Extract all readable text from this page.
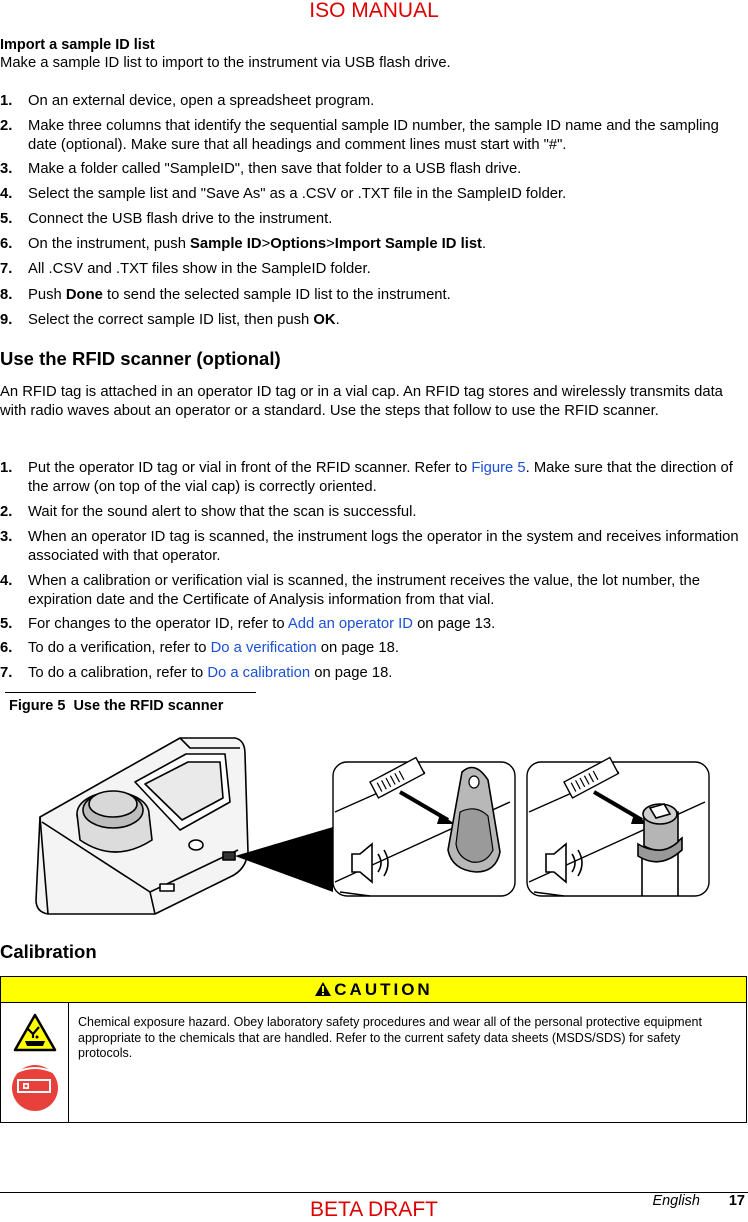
ISO MANUAL
Import a sample ID list
Make a sample ID list to import to the instrument via USB flash drive.
1. On an external device, open a spreadsheet program.
2. Make three columns that identify the sequential sample ID number, the sample ID name and the sampling date (optional). Make sure that all headings and comment lines must start with "#".
3. Make a folder called "SampleID", then save that folder to a USB flash drive.
4. Select the sample list and "Save As" as a .CSV or .TXT file in the SampleID folder.
5. Connect the USB flash drive to the instrument.
6. On the instrument, push Sample ID>Options>Import Sample ID list.
7. All .CSV and .TXT files show in the SampleID folder.
8. Push Done to send the selected sample ID list to the instrument.
9. Select the correct sample ID list, then push OK.
Use the RFID scanner (optional)
An RFID tag is attached in an operator ID tag or in a vial cap. An RFID tag stores and wirelessly transmits data with radio waves about an operator or a standard. Use the steps that follow to use the RFID scanner.
1. Put the operator ID tag or vial in front of the RFID scanner. Refer to Figure 5. Make sure that the direction of the arrow (on top of the vial cap) is correctly oriented.
2. Wait for the sound alert to show that the scan is successful.
3. When an operator ID tag is scanned, the instrument logs the operator in the system and receives information associated with that operator.
4. When a calibration or verification vial is scanned, the instrument receives the value, the lot number, the expiration date and the Certificate of Analysis information from that vial.
5. For changes to the operator ID, refer to Add an operator ID on page 13.
6. To do a verification, refer to Do a verification on page 18.
7. To do a calibration, refer to Do a calibration on page 18.
Figure 5  Use the RFID scanner
Calibration
CAUTION
Chemical exposure hazard. Obey laboratory safety procedures and wear all of the personal protective equipment appropriate to the chemicals that are handled. Refer to the current safety data sheets (MSDS/SDS) for safety protocols.
English 17
BETA DRAFT
